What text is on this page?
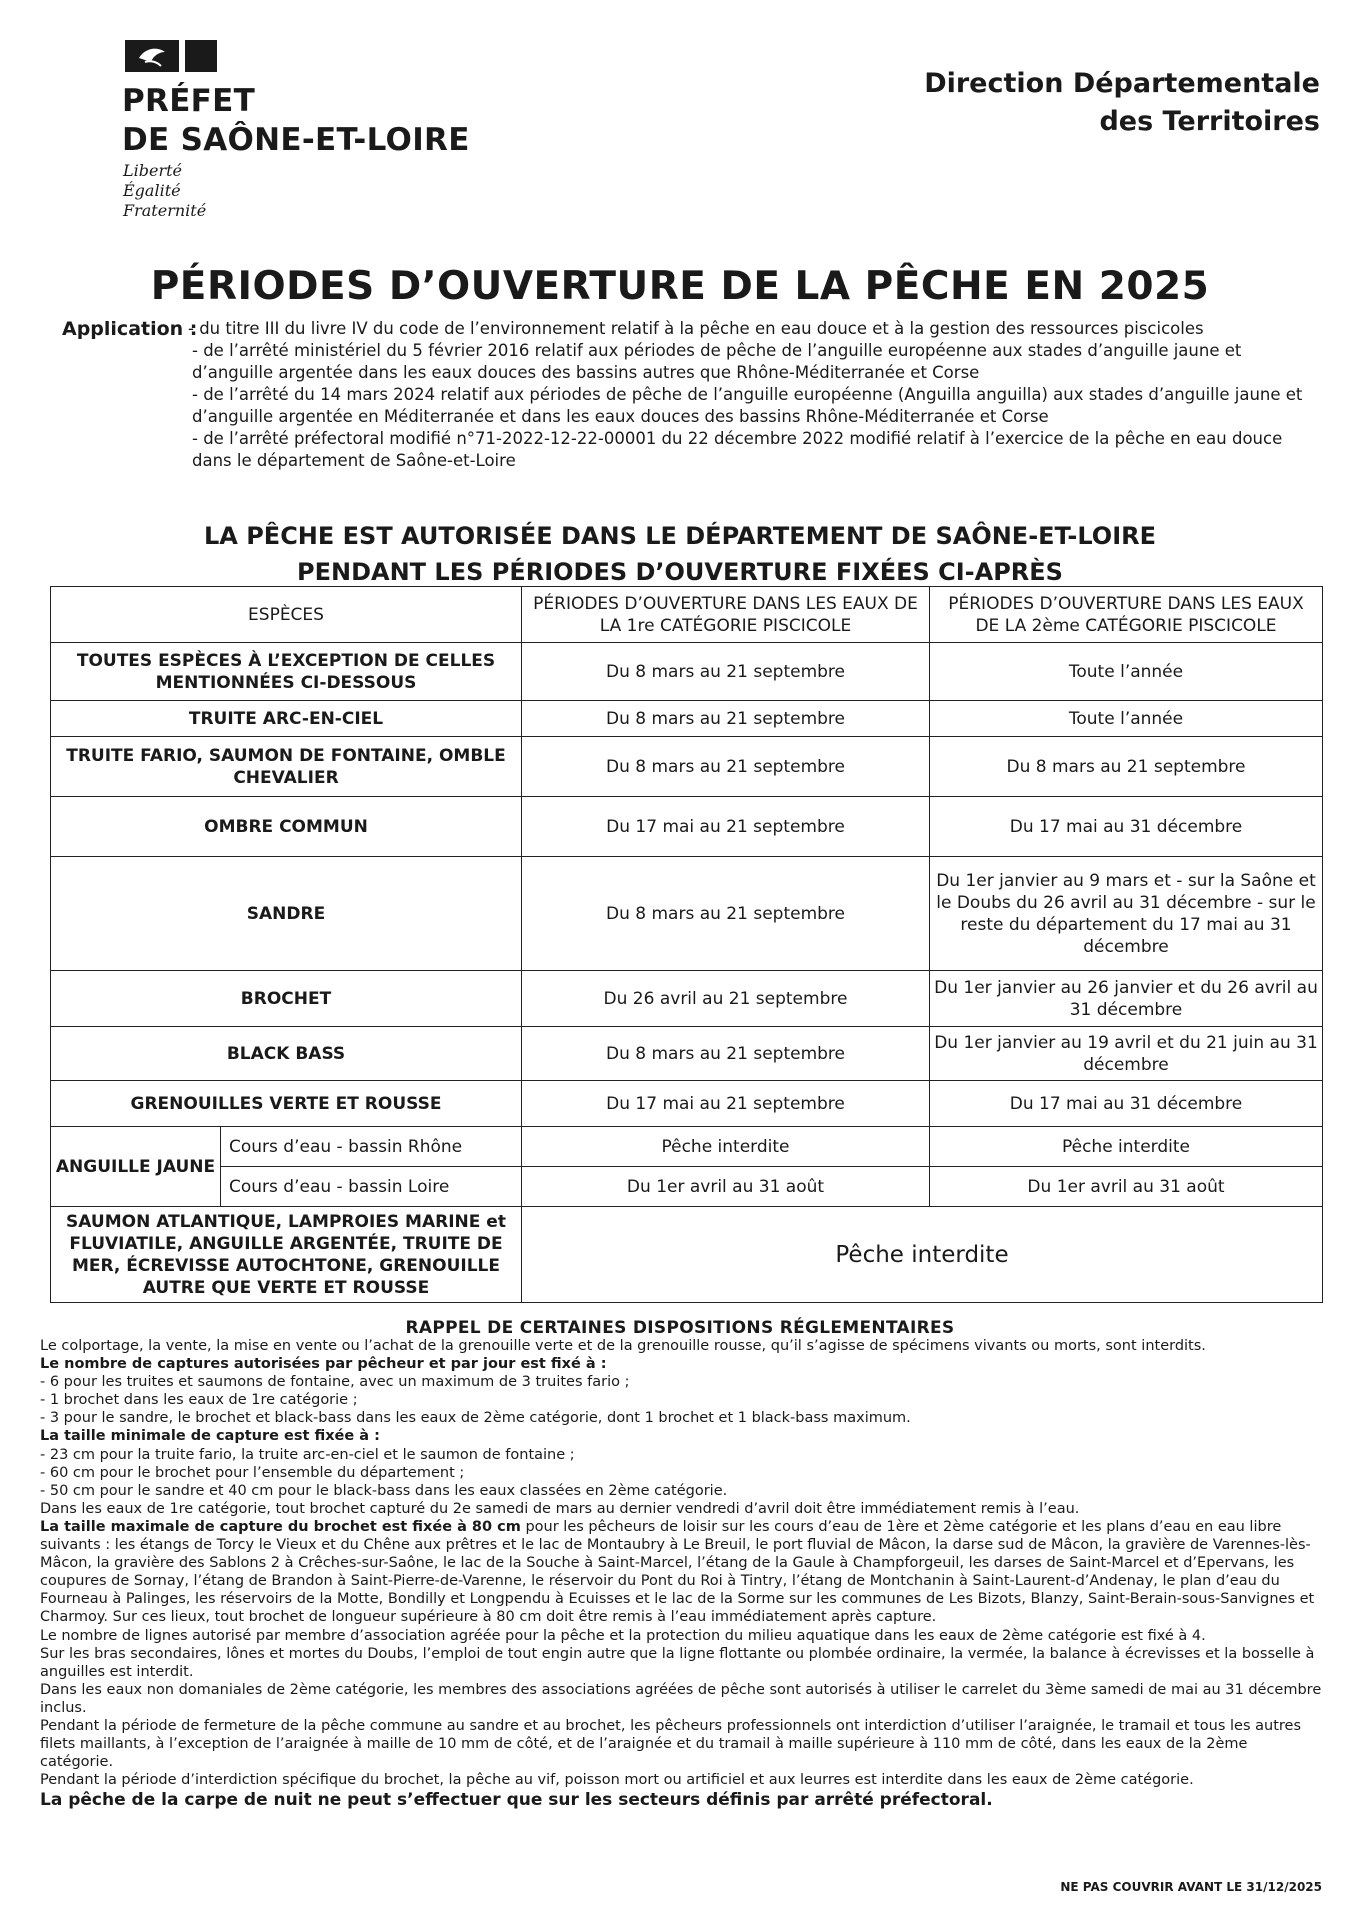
PRÉFET
DE SAÔNE-ET-LOIRE
Liberté
Égalité
Fraternité
Direction Départementale
des Territoires
PÉRIODES D’OUVERTURE DE LA PÊCHE EN 2025
Application :
- du titre III du livre IV du code de l’environnement relatif à la pêche en eau douce et à la gestion des ressources piscicoles
- de l’arrêté ministériel du 5 février 2016 relatif aux périodes de pêche de l’anguille européenne aux stades d’anguille jaune et d’anguille argentée dans les eaux douces des bassins autres que Rhône-Méditerranée et Corse
- de l’arrêté du 14 mars 2024 relatif aux périodes de pêche de l’anguille européenne (Anguilla anguilla) aux stades d’anguille jaune et d’anguille argentée en Méditerranée et dans les eaux douces des bassins Rhône-Méditerranée et Corse
- de l’arrêté préfectoral modifié n°71-2022-12-22-00001 du 22 décembre 2022 modifié relatif à l’exercice de la pêche en eau douce dans le département de Saône-et-Loire
LA PÊCHE EST AUTORISÉE DANS LE DÉPARTEMENT DE SAÔNE-ET-LOIRE
PENDANT LES PÉRIODES D’OUVERTURE FIXÉES CI-APRÈS
ESPÈCES		PÉRIODES D’OUVERTURE DANS LES EAUX DE LA 1re CATÉGORIE PISCICOLE	PÉRIODES D’OUVERTURE DANS LES EAUX DE LA 2ème CATÉGORIE PISCICOLE
TOUTES ESPÈCES À L’EXCEPTION DE CELLES MENTIONNÉES CI-DESSOUS		Du 8 mars au 21 septembre	Toute l’année
TRUITE ARC-EN-CIEL		Du 8 mars au 21 septembre	Toute l’année
TRUITE FARIO, SAUMON DE FONTAINE, OMBLE CHEVALIER		Du 8 mars au 21 septembre	Du 8 mars au 21 septembre
OMBRE COMMUN		Du 17 mai au 21 septembre	Du 17 mai au 31 décembre
SANDRE		Du 8 mars au 21 septembre	Du 1er janvier au 9 mars et - sur la Saône et le Doubs du 26 avril au 31 décembre - sur le reste du département du 17 mai au 31 décembre
BROCHET		Du 26 avril au 21 septembre	Du 1er janvier au 26 janvier et du 26 avril au 31 décembre
BLACK BASS		Du 8 mars au 21 septembre	Du 1er janvier au 19 avril et du 21 juin au 31 décembre
GRENOUILLES VERTE ET ROUSSE		Du 17 mai au 21 septembre	Du 17 mai au 31 décembre
ANGUILLE JAUNE	Cours d’eau - bassin Rhône	Pêche interdite	Pêche interdite
	Cours d’eau - bassin Loire	Du 1er avril au 31 août	Du 1er avril au 31 août
SAUMON ATLANTIQUE, LAMPROIES MARINE et FLUVIATILE, ANGUILLE ARGENTÉE, TRUITE DE MER, ÉCREVISSE AUTOCHTONE, GRENOUILLE AUTRE QUE VERTE ET ROUSSE		Pêche interdite	
RAPPEL DE CERTAINES DISPOSITIONS RÉGLEMENTAIRES

Le colportage, la vente, la mise en vente ou l’achat de la grenouille verte et de la grenouille rousse, qu’il s’agisse de spécimens vivants ou morts, sont interdits.

Le nombre de captures autorisées par pêcheur et par jour est fixé à :

- 6 pour les truites et saumons de fontaine, avec un maximum de 3 truites fario ;

- 1 brochet dans les eaux de 1re catégorie ;

- 3 pour le sandre, le brochet et black-bass dans les eaux de 2ème catégorie, dont 1 brochet et 1 black-bass maximum.

La taille minimale de capture est fixée à :

- 23 cm pour la truite fario, la truite arc-en-ciel et le saumon de fontaine ;

- 60 cm pour le brochet pour l’ensemble du département ;

- 50 cm pour le sandre et 40 cm pour le black-bass dans les eaux classées en 2ème catégorie.

Dans les eaux de 1re catégorie, tout brochet capturé du 2e samedi de mars au dernier vendredi d’avril doit être immédiatement remis à l’eau.

La taille maximale de capture du brochet est fixée à 80 cm pour les pêcheurs de loisir sur les cours d’eau de 1ère et 2ème catégorie et les plans d’eau en eau libre suivants : les étangs de Torcy le Vieux et du Chêne aux prêtres et le lac de Montaubry à Le Breuil, le port fluvial de Mâcon, la darse sud de Mâcon, la gravière de Varennes-lès-Mâcon, la gravière des Sablons 2 à Crêches-sur-Saône, le lac de la Souche à Saint-Marcel, l’étang de la Gaule à Champforgeuil, les darses de Saint-Marcel et d’Epervans, les coupures de Sornay, l’étang de Brandon à Saint-Pierre-de-Varenne, le réservoir du Pont du Roi à Tintry, l’étang de Montchanin à Saint-Laurent-d’Andenay, le plan d’eau du Fourneau à Palinges, les réservoirs de la Motte, Bondilly et Longpendu à Ecuisses et le lac de la Sorme sur les communes de Les Bizots, Blanzy, Saint-Berain-sous-Sanvignes et Charmoy. Sur ces lieux, tout brochet de longueur supérieure à 80 cm doit être remis à l’eau immédiatement après capture.

Le nombre de lignes autorisé par membre d’association agréée pour la pêche et la protection du milieu aquatique dans les eaux de 2ème catégorie est fixé à 4.

Sur les bras secondaires, lônes et mortes du Doubs, l’emploi de tout engin autre que la ligne flottante ou plombée ordinaire, la vermée, la balance à écrevisses et la bosselle à anguilles est interdit.

Dans les eaux non domaniales de 2ème catégorie, les membres des associations agréées de pêche sont autorisés à utiliser le carrelet du 3ème samedi de mai au 31 décembre inclus.

Pendant la période de fermeture de la pêche commune au sandre et au brochet, les pêcheurs professionnels ont interdiction d’utiliser l’araignée, le tramail et tous les autres filets maillants, à l’exception de l’araignée à maille de 10 mm de côté, et de l’araignée et du tramail à maille supérieure à 110 mm de côté, dans les eaux de la 2ème catégorie.

Pendant la période d’interdiction spécifique du brochet, la pêche au vif, poisson mort ou artificiel et aux leurres est interdite dans les eaux de 2ème catégorie.

La pêche de la carpe de nuit ne peut s’effectuer que sur les secteurs définis par arrêté préfectoral.

NE PAS COUVRIR AVANT LE 31/12/2025
